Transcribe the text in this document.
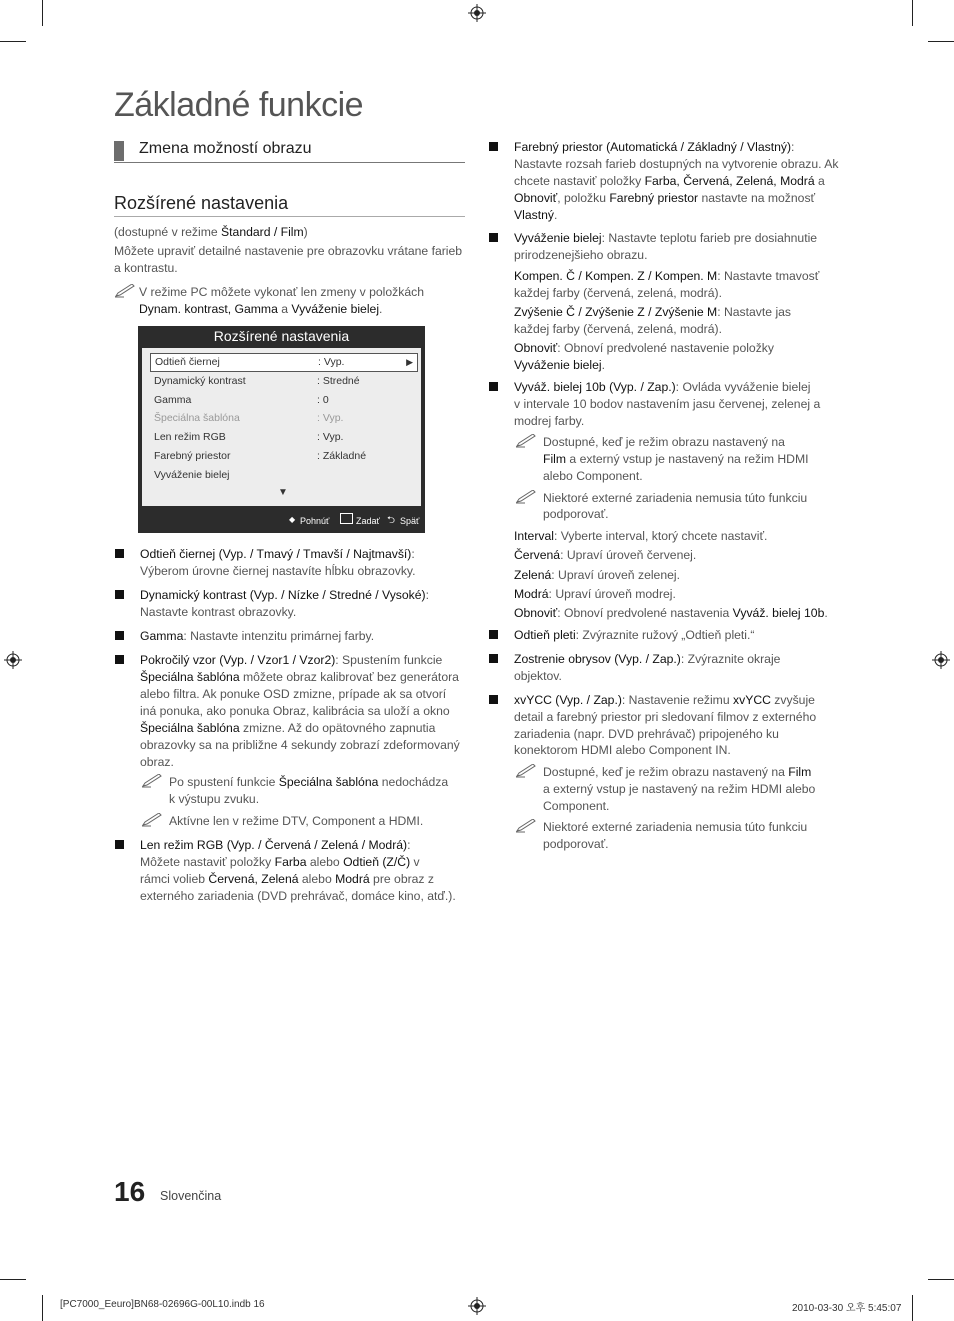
Základné funkcie
Zmena možností obrazu
Rozšírené nastavenia
(dostupné v režime Štandard / Film)
Môžete upraviť detailné nastavenie pre obrazovku vrátane farieb
a kontrastu.
V režime PC môžete vykonať len zmeny v položkách
Dynam. kontrast, Gamma a Vyváženie bielej.
Rozšírené nastavenia
Odtieň čiernej	: Vyp.	▶
Dynamický kontrast	: Stredné
Gamma	: 0
Špeciálna šablóna	: Vyp.
Len režim RGB	: Vyp.
Farebný priestor	: Základné
Vyváženie bielej
▼
◆ Pohnúť	Zadať ⮌ Späť
Odtieň čiernej (Vyp. / Tmavý / Tmavší / Najtmavší):
Výberom úrovne čiernej nastavíte hĺbku obrazovky.
Dynamický kontrast (Vyp. / Nízke / Stredné / Vysoké):
Nastavte kontrast obrazovky.
Gamma: Nastavte intenzitu primárnej farby.
Pokročilý vzor (Vyp. / Vzor1 / Vzor2): Spustením funkcie
Špeciálna šablóna môžete obraz kalibrovať bez generátora
alebo filtra. Ak ponuke OSD zmizne, prípade ak sa otvorí
iná ponuka, ako ponuka Obraz, kalibrácia sa uloží a okno
Špeciálna šablóna zmizne. Až do opätovného zapnutia
obrazovky sa na približne 4 sekundy zobrazí zdeformovaný
obraz.
Po spustení funkcie Špeciálna šablóna nedochádza
k výstupu zvuku.
Aktívne len v režime DTV, Component a HDMI.
Len režim RGB (Vyp. / Červená / Zelená / Modrá):
Môžete nastaviť položky Farba alebo Odtieň (Z/Č) v
rámci volieb Červená, Zelená alebo Modrá pre obraz z
externého zariadenia (DVD prehrávač, domáce kino, atď.).
Farebný priestor (Automatická / Základný / Vlastný):
Nastavte rozsah farieb dostupných na vytvorenie obrazu. Ak
chcete nastaviť položky Farba, Červená, Zelená, Modrá a
Obnoviť, položku Farebný priestor nastavte na možnosť
Vlastný.
Vyváženie bielej: Nastavte teplotu farieb pre dosiahnutie
prirodzenejšieho obrazu.
Kompen. Č / Kompen. Z / Kompen. M: Nastavte tmavosť
každej farby (červená, zelená, modrá).
Zvýšenie Č / Zvýšenie Z / Zvýšenie M: Nastavte jas
každej farby (červená, zelená, modrá).
Obnoviť: Obnoví predvolené nastavenie položky
Vyváženie bielej.
Vyváž. bielej 10b (Vyp. / Zap.): Ovláda vyváženie bielej
v intervale 10 bodov nastavením jasu červenej, zelenej a
modrej farby.
Dostupné, keď je režim obrazu nastavený na
Film a externý vstup je nastavený na režim HDMI
alebo Component.
Niektoré externé zariadenia nemusia túto funkciu
podporovať.
Interval: Vyberte interval, ktorý chcete nastaviť.
Červená: Upraví úroveň červenej.
Zelená: Upraví úroveň zelenej.
Modrá: Upraví úroveň modrej.
Obnoviť: Obnoví predvolené nastavenia Vyváž. bielej 10b.
Odtieň pleti: Zvýraznite ružový „Odtieň pleti.“
Zostrenie obrysov (Vyp. / Zap.): Zvýraznite okraje
objektov.
xvYCC (Vyp. / Zap.): Nastavenie režimu xvYCC zvyšuje
detail a farebný priestor pri sledovaní filmov z externého
zariadenia (napr. DVD prehrávač) pripojeného ku
konektorom HDMI alebo Component IN.
Dostupné, keď je režim obrazu nastavený na Film
a externý vstup je nastavený na režim HDMI alebo
Component.
Niektoré externé zariadenia nemusia túto funkciu
podporovať.
16 Slovenčina
[PC7000_Eeuro]BN68-02696G-00L10.indb 16	2010-03-30 오후 5:45:07
